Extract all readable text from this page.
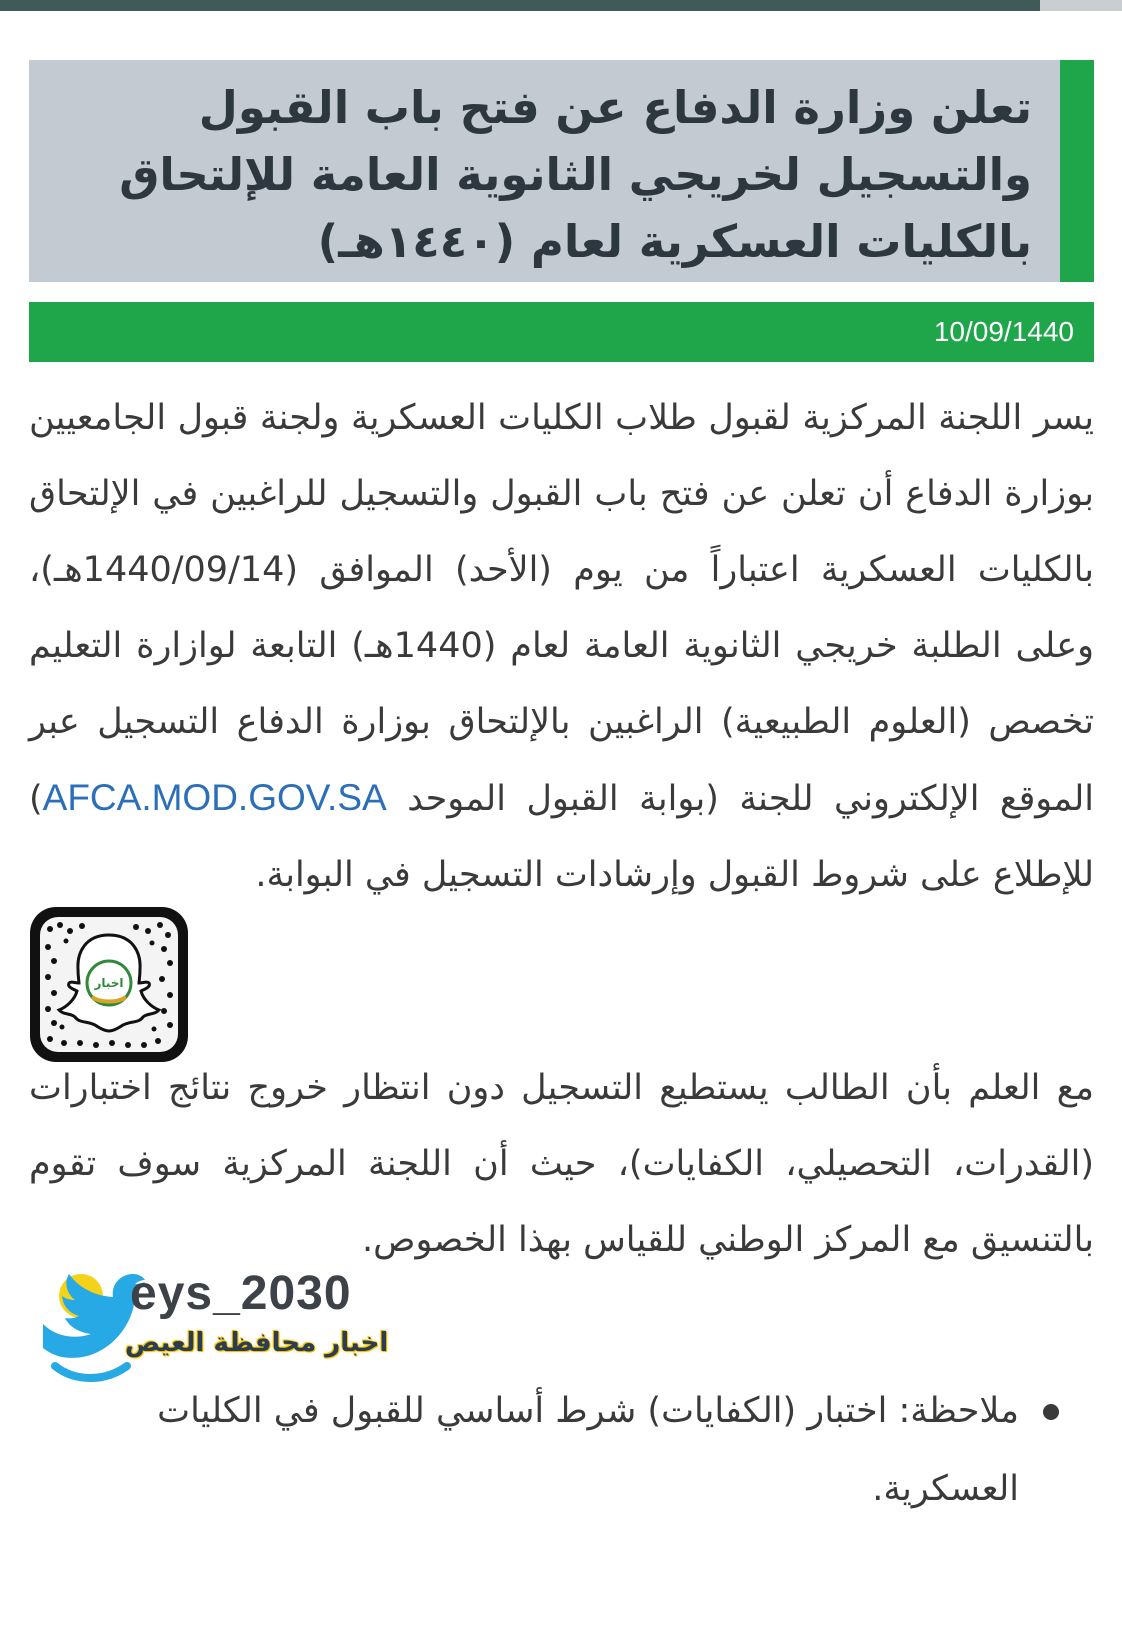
تعلن وزارة الدفاع عن فتح باب القبول والتسجيل لخريجي الثانوية العامة للإلتحاق بالكليات العسكرية لعام (١٤٤٠هـ)
10/09/1440
يسر اللجنة المركزية لقبول طلاب الكليات العسكرية ولجنة قبول الجامعيين بوزارة الدفاع أن تعلن عن فتح باب القبول والتسجيل للراغبين في الإلتحاق بالكليات العسكرية اعتباراً من يوم (الأحد) الموافق (1440/09/14هـ)، وعلى الطلبة خريجي الثانوية العامة لعام (1440هـ) التابعة لوازارة التعليم تخصص (العلوم الطبيعية) الراغبين بالإلتحاق بوزارة الدفاع التسجيل عبر الموقع الإلكتروني للجنة (بوابة القبول الموحد AFCA.MOD.GOV.SA) للإطلاع على شروط القبول وإرشادات التسجيل في البوابة.
اخبار
مع العلم بأن الطالب يستطيع التسجيل دون انتظار خروج نتائج اختبارات (القدرات، التحصيلي، الكفايات)، حيث أن اللجنة المركزية سوف تقوم بالتنسيق مع المركز الوطني للقياس بهذا الخصوص.
eys_2030
اخبار محافظة العيص
ملاحظة: اختبار (الكفايات) شرط أساسي للقبول في الكليات العسكرية.
